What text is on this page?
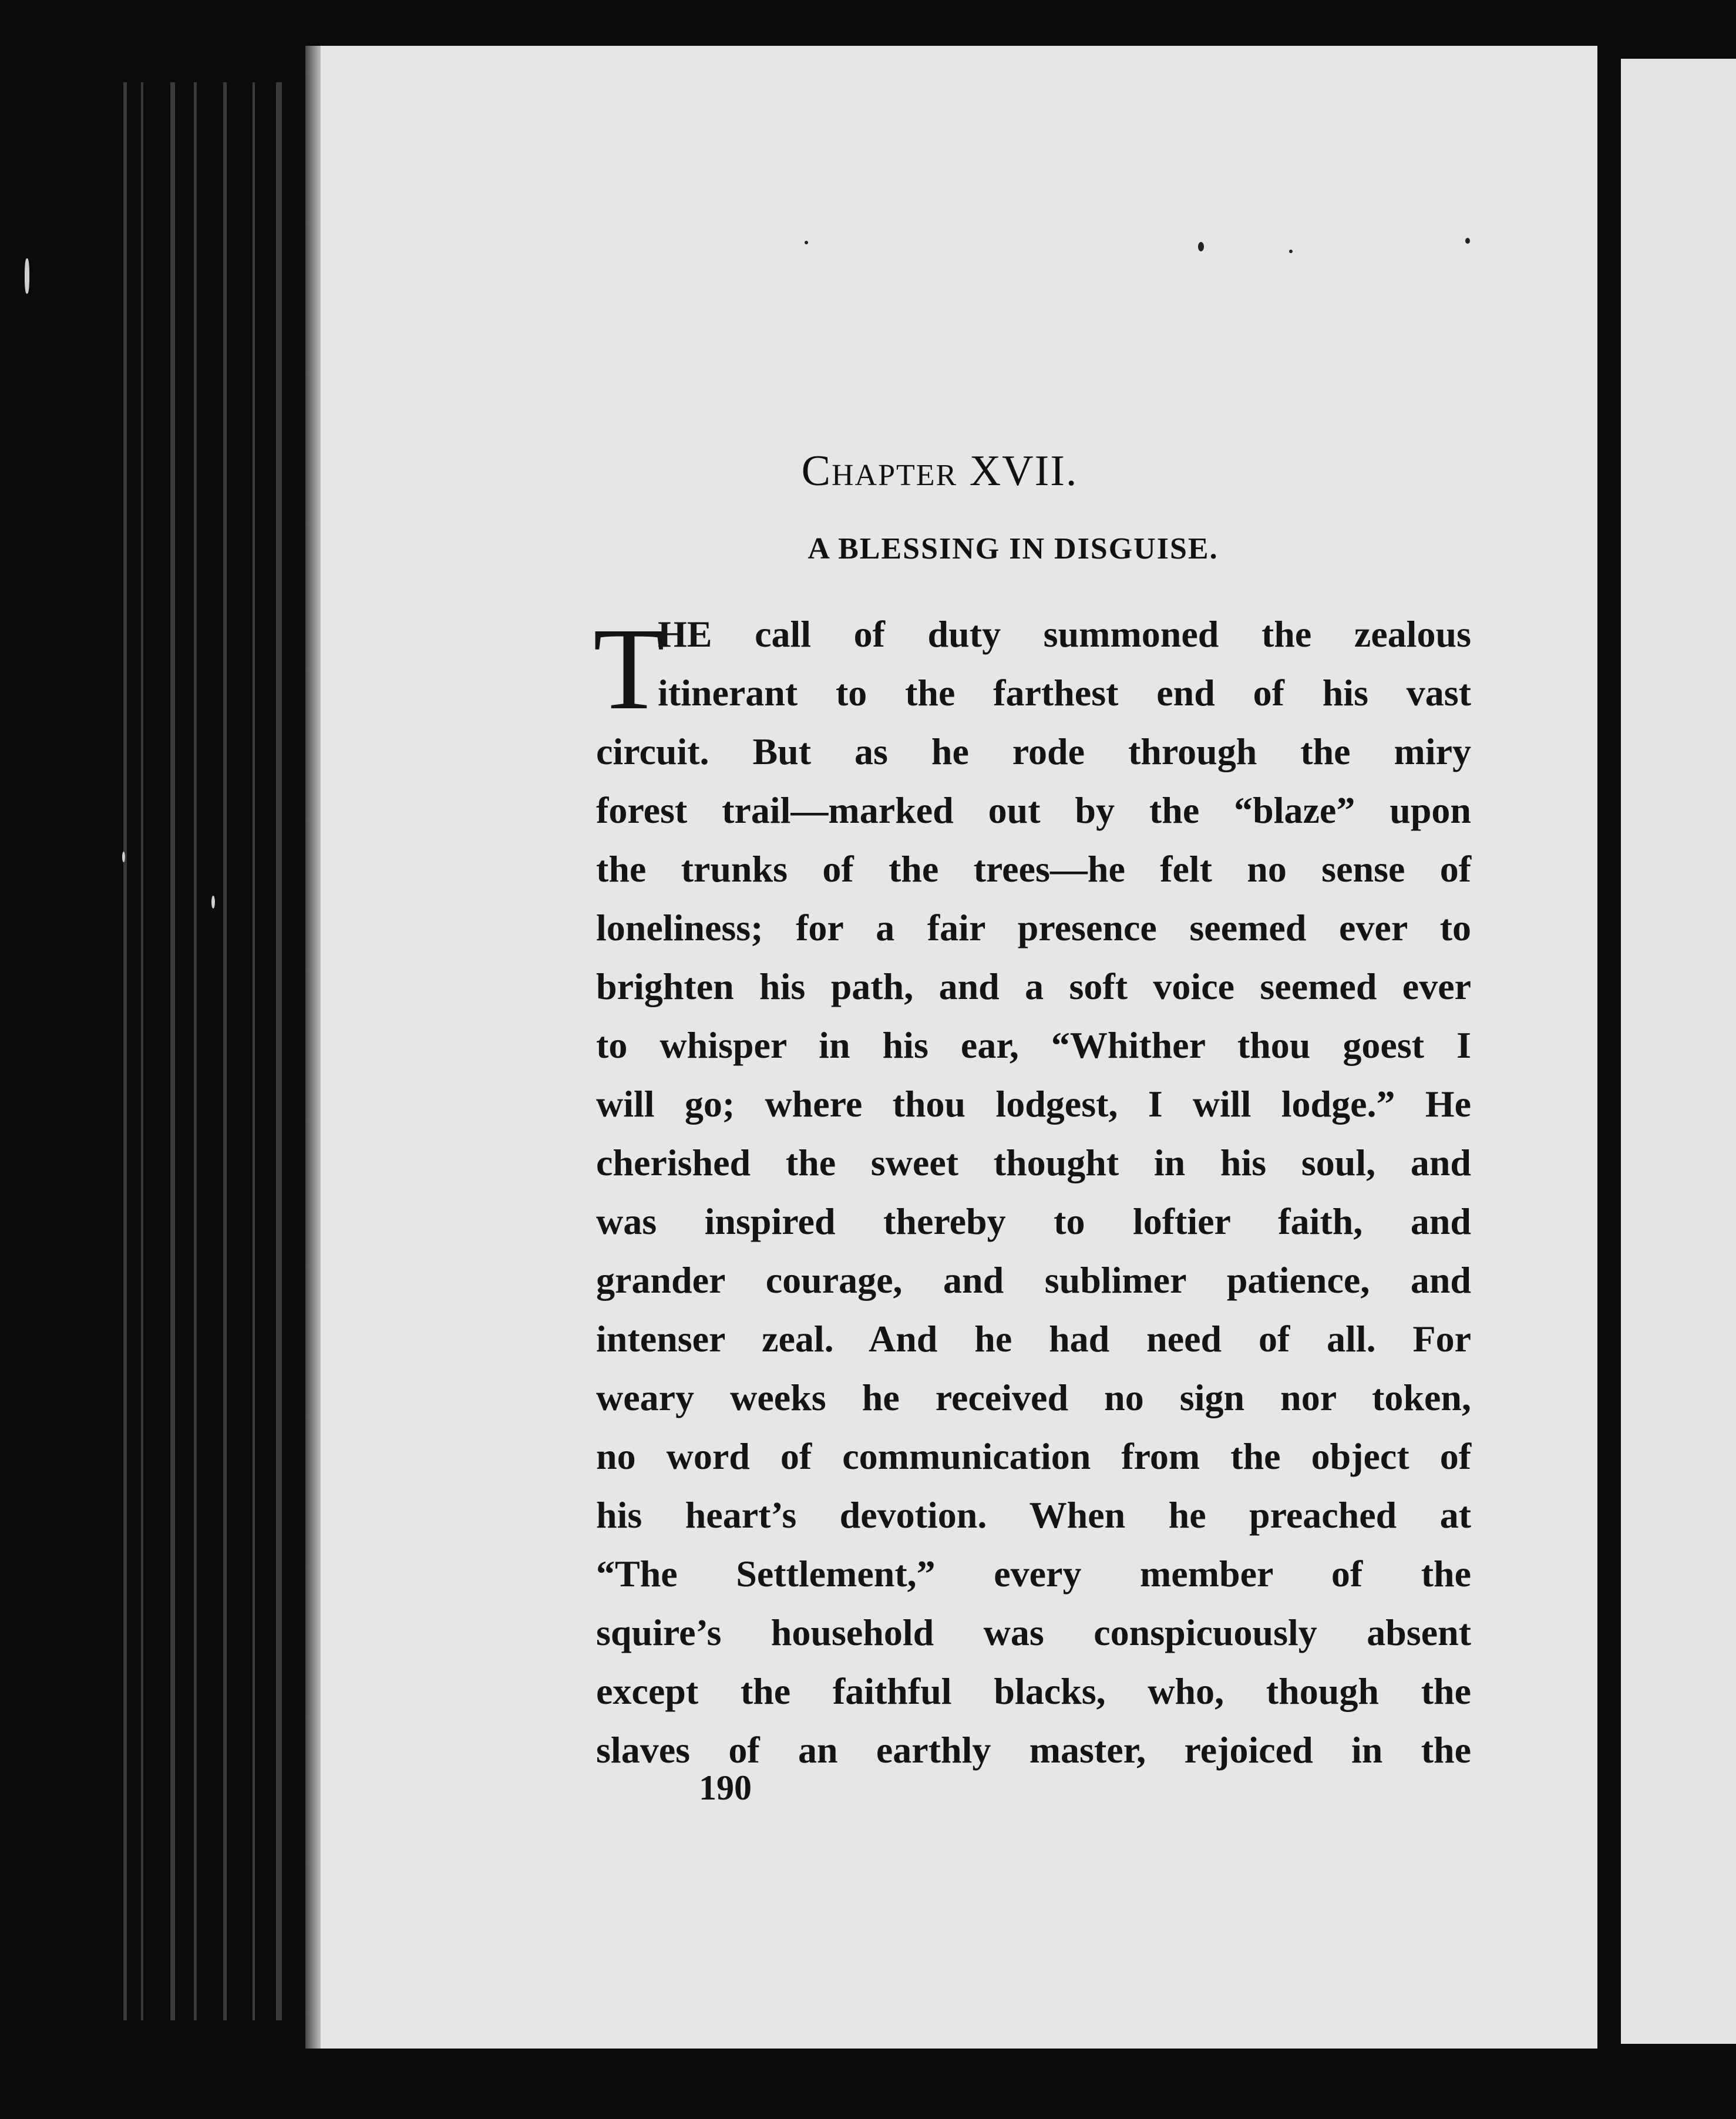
Chapter XVII.
A BLESSING IN DISGUISE.
T
HE call of duty summoned the zealous
itinerant to the farthest end of his vast
circuit. But as he rode through the miry
forest trail—marked out by the “blaze” upon
the trunks of the trees—he felt no sense of
loneliness; for a fair presence seemed ever to
brighten his path, and a soft voice seemed ever
to whisper in his ear, “Whither thou goest I
will go; where thou lodgest, I will lodge.” He
cherished the sweet thought in his soul, and
was inspired thereby to loftier faith, and
grander courage, and sublimer patience, and
intenser zeal. And he had need of all. For
weary weeks he received no sign nor token,
no word of communication from the object of
his heart’s devotion. When he preached at
“The Settlement,” every member of the
squire’s household was conspicuously absent
except the faithful blacks, who, though the
slaves of an earthly master, rejoiced in the
190
